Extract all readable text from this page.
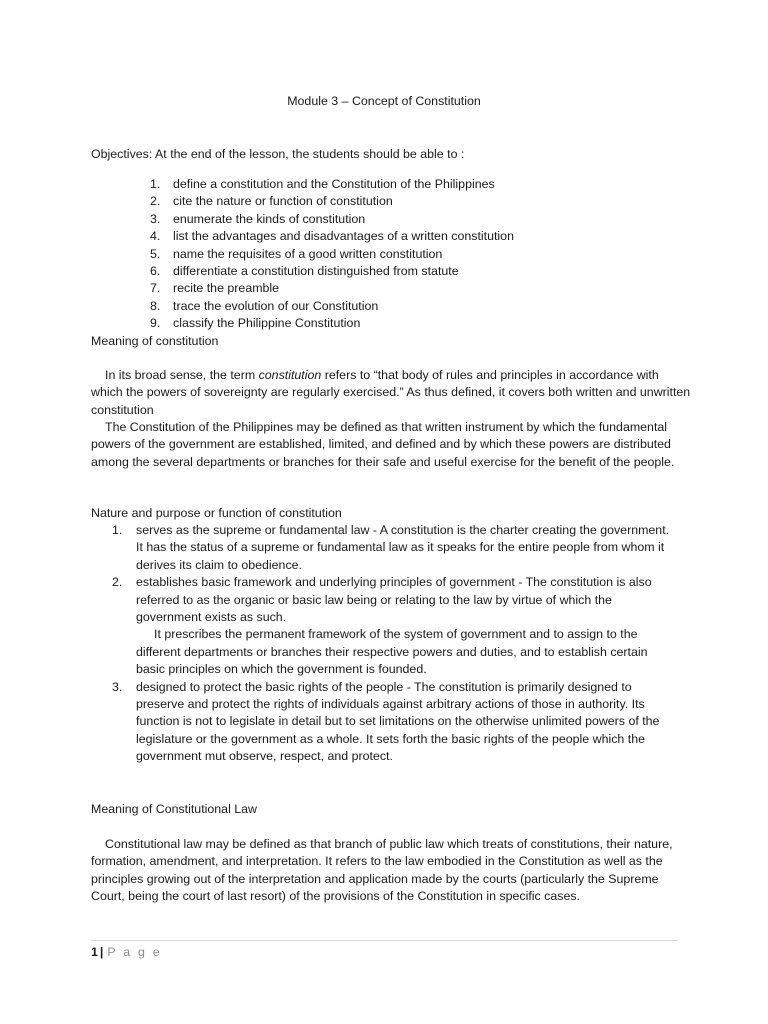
Module 3 – Concept of Constitution
Objectives: At the end of the lesson, the students should be able to :
1.	define a constitution and the Constitution of the Philippines
2.	cite the nature or function of constitution
3.	enumerate the kinds of constitution
4.	list the advantages and disadvantages of a written constitution
5.	name the requisites of a good written constitution
6.	differentiate a constitution distinguished from statute
7.	recite the preamble
8.	trace the evolution of our Constitution
9.	classify the Philippine Constitution
Meaning of constitution
In its broad sense, the term constitution refers to “that body of rules and principles in accordance with which the powers of sovereignty are regularly exercised.” As thus defined, it covers both written and unwritten constitution
The Constitution of the Philippines may be defined as that written instrument by which the fundamental powers of the government are established, limited, and defined and by which these powers are distributed among the several departments or branches for their safe and useful exercise for the benefit of the people.
Nature and purpose or function of constitution
1.	serves as the supreme or fundamental law - A constitution is the charter creating the government. It has the status of a supreme or fundamental law as it speaks for the entire people from whom it derives its claim to obedience.
2.	establishes basic framework and underlying principles of government - The constitution is also referred to as the organic or basic law being or relating to the law by virtue of which the government exists as such.
It prescribes the permanent framework of the system of government and to assign to the different departments or branches their respective powers and duties, and to establish certain basic principles on which the government is founded.
3.	designed to protect the basic rights of the people - The constitution is primarily designed to preserve and protect the rights of individuals against arbitrary actions of those in authority. Its function is not to legislate in detail but to set limitations on the otherwise unlimited powers of the legislature or the government as a whole. It sets forth the basic rights of the people which the government mut observe, respect, and protect.
Meaning of Constitutional Law
Constitutional law may be defined as that branch of public law which treats of constitutions, their nature, formation, amendment, and interpretation. It refers to the law embodied in the Constitution as well as the principles growing out of the interpretation and application made by the courts (particularly the Supreme Court, being the court of last resort) of the provisions of the Constitution in specific cases.
1 | P a g e
